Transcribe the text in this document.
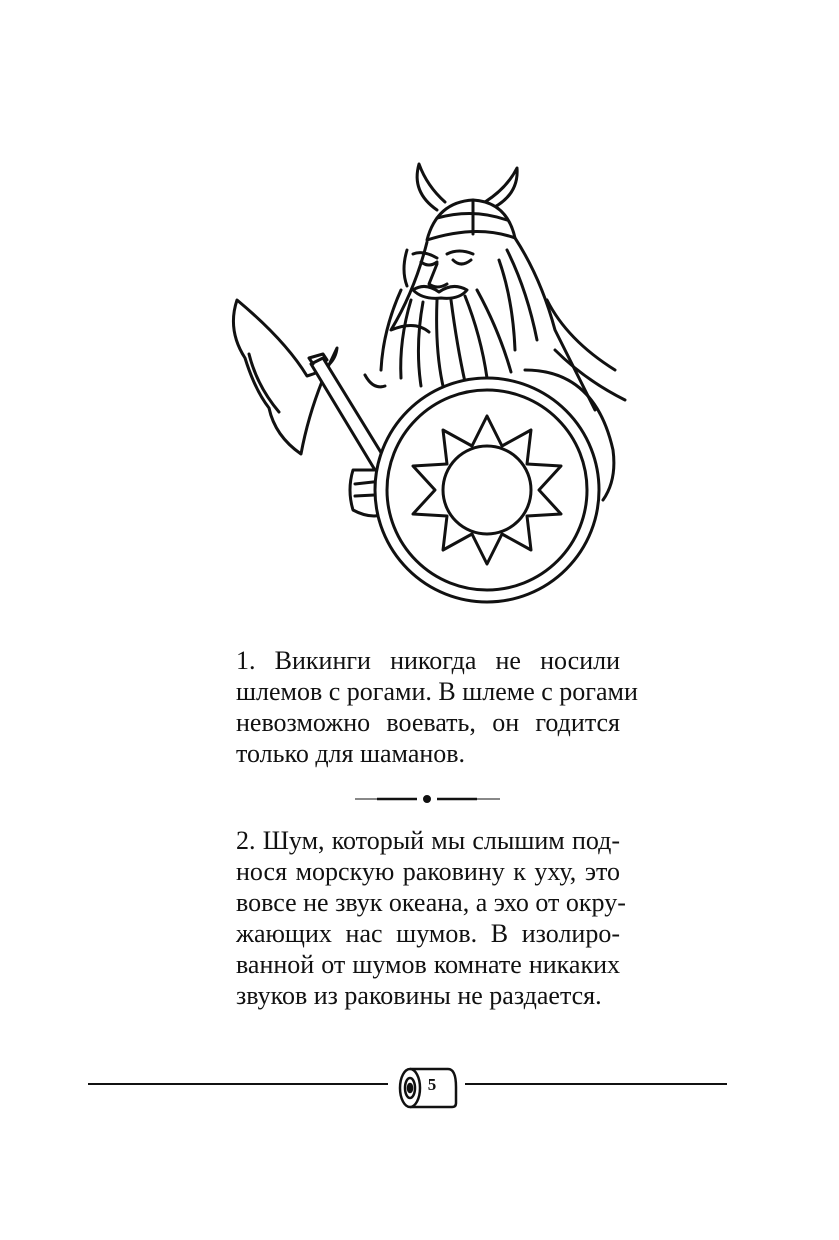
1. Викинги никогда не носили
шлемов с рогами. В шлеме с рогами
невозможно воевать, он годится
только для шаманов.

2. Шум, который мы слышим под-
нося морскую раковину к уху, это
вовсе не звук океана, а эхо от окру-
жающих нас шумов. В изолиро-
ванной от шумов комнате никаких
звуков из раковины не раздается.

5
